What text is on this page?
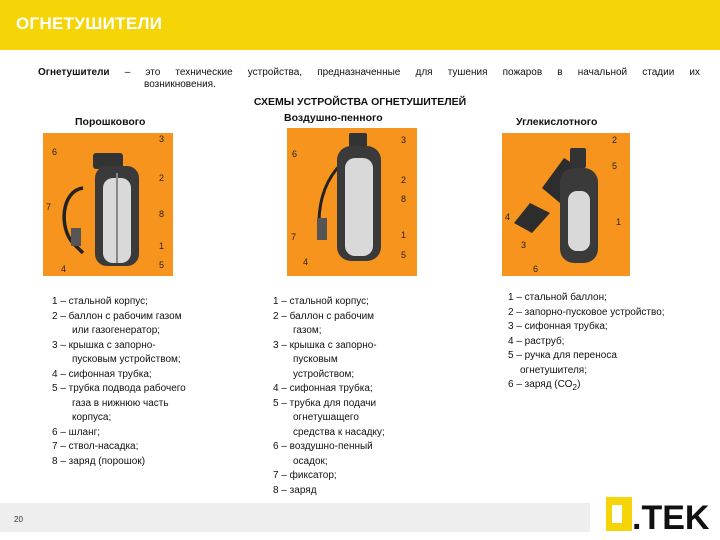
ОГНЕТУШИТЕЛИ
Огнетушители – это технические устройства, предназначенные для тушения пожаров в начальной стадии их
возникновения.
СХЕМЫ УСТРОЙСТВА ОГНЕТУШИТЕЛЕЙ
Порошкового	Воздушно-пенного	Углекислотного
3
6
2
7
8
1
4	5
3
6
2
8
7	1
4
5
2
5
4	1
3
6
1 – стальной корпус;
2 – баллон с рабочим газом
или газогенератор;
3 – крышка с запорно-
пусковым устройством;
4 – сифонная трубка;
5 – трубка подвода рабочего
газа в нижнюю часть
корпуса;
6 – шланг;
7 – ствол-насадка;
8 – заряд (порошок)
1 – стальной корпус;
2 – баллон с рабочим
газом;
3 – крышка с запорно-
пусковым
устройством;
4 – сифонная трубка;
5 – трубка для подачи
огнетушащего
средства к насадку;
6 – воздушно-пенный
осадок;
7 – фиксатор;
8 – заряд
1 – стальной баллон;
2 – запорно-пусковое устройство;
3 – сифонная трубка;
4 – раструб;
5 – ручка для переноса
огнетушителя;
6 – заряд $(СО_2)$
20	.TEK
